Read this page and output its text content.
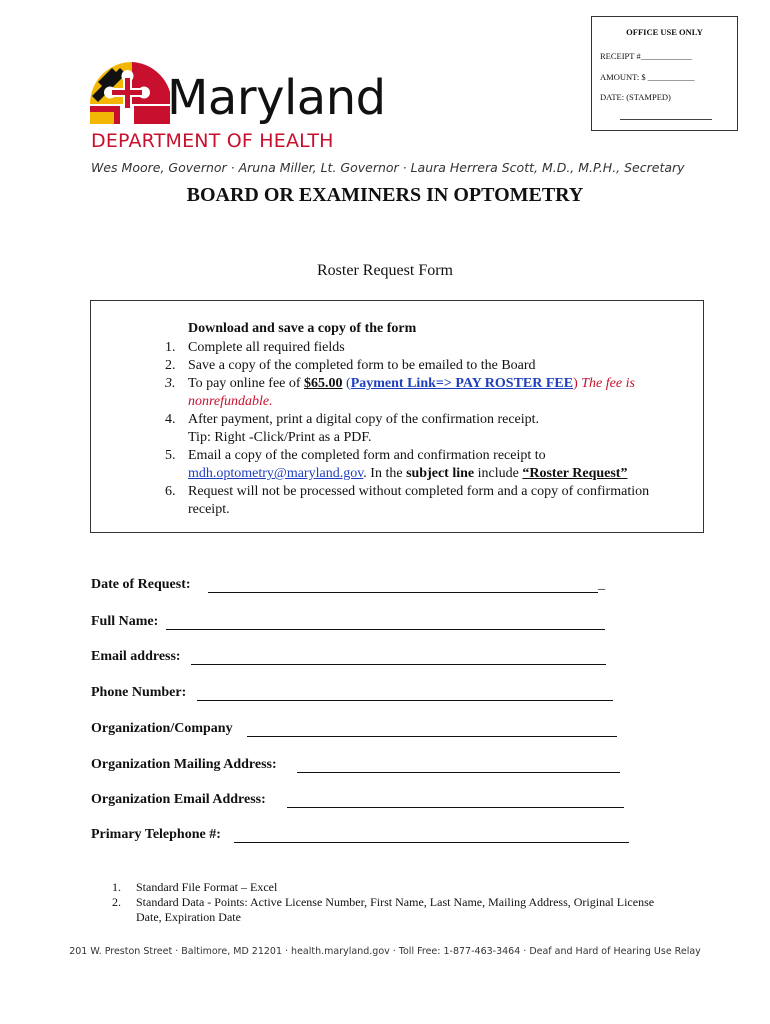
OFFICE USE ONLY
RECEIPT #____________
AMOUNT: $ ___________
DATE: (STAMPED)
Maryland
DEPARTMENT OF HEALTH
Wes Moore, Governor · Aruna Miller, Lt. Governor · Laura Herrera Scott, M.D., M.P.H., Secretary
BOARD OR EXAMINERS IN OPTOMETRY
Roster Request Form
Download and save a copy of the form
1. Complete all required fields
2. Save a copy of the completed form to be emailed to the Board
3. To pay online fee of $65.00 (Payment Link=> PAY ROSTER FEE) The fee is nonrefundable.
4. After payment, print a digital copy of the confirmation receipt.
Tip: Right -Click/Print as a PDF.
5. Email a copy of the completed form and confirmation receipt to
mdh.optometry@maryland.gov. In the subject line include “Roster Request”
6. Request will not be processed without completed form and a copy of confirmation receipt.
Date of Request:	_
Full Name:
Email address:
Phone Number:
Organization/Company
Organization Mailing Address:
Organization Email Address:
Primary Telephone #:
1. Standard File Format – Excel
2. Standard Data - Points: Active License Number, First Name, Last Name, Mailing Address, Original License Date, Expiration Date
201 W. Preston Street · Baltimore, MD 21201 · health.maryland.gov · Toll Free: 1-877-463-3464 · Deaf and Hard of Hearing Use Relay
